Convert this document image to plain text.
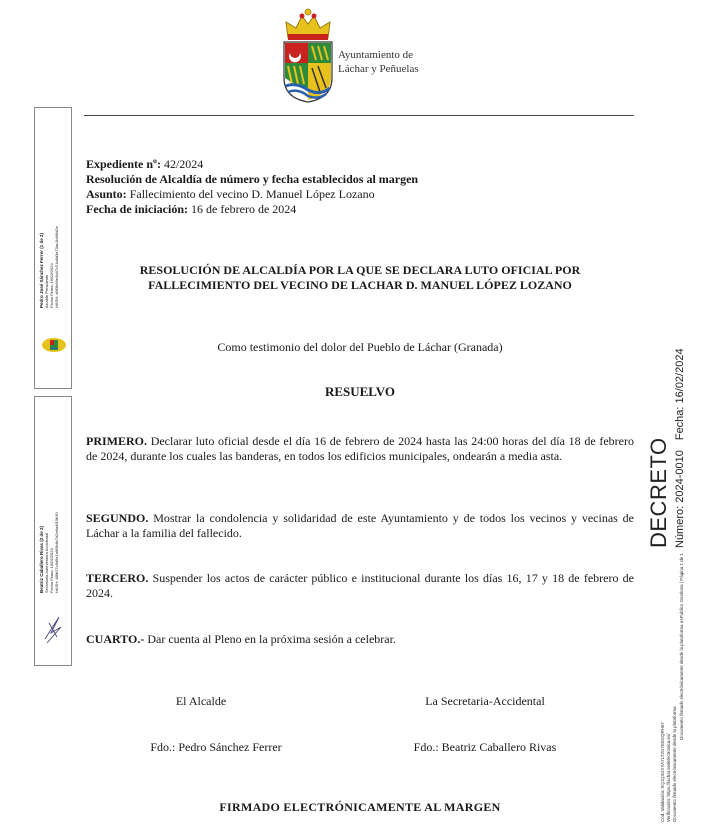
Ayuntamiento de
Láchar y Peñuelas
Pedro José Sánchez Ferrer (1 de 2)
Alcalde Presidente
Fecha Firma: 16/02/2024
HASH: a9f3b89e4d47c21a8d3e70ac1bf49d2e
Beatriz Caballero Rivas (2 de 2)
Secretaria-Interventora Accidental
Fecha Firma: 16/02/2024
HASH: 4f8b27c6d5e1a9f3b8c7d2e6a4f19b30
DECRETO Número: 2024-0010Fecha: 16/02/2024
Documento firmado electrónicamente desde la plataforma esPublico Gestiona | Página 1 de 1
Cód. Validación: 9QJQ3GXYA7LT2G7E5GQRH67
Verificación: https://lachar.sedelectronica.es/
Documento firmado electrónicamente desde la plataforma
Expediente nº: 42/2024
Resolución de Alcaldía de número y fecha establecidos al margen
Asunto: Fallecimiento del vecino D. Manuel López Lozano
Fecha de iniciación: 16 de febrero de 2024
RESOLUCIÓN DE ALCALDÍA POR LA QUE SE DECLARA LUTO OFICIAL POR
FALLECIMIENTO DEL VECINO DE LACHAR D. MANUEL LÓPEZ LOZANO
Como testimonio del dolor del Pueblo de Láchar (Granada)
RESUELVO
PRIMERO. Declarar luto oficial desde el día 16 de febrero de 2024 hasta las 24:00 horas del día 18 de febrero de 2024, durante los cuales las banderas, en todos los edificios municipales, ondearán a media asta.
SEGUNDO. Mostrar la condolencia y solidaridad de este Ayuntamiento y de todos los vecinos y vecinas de Láchar a la familia del fallecido.
TERCERO. Suspender los actos de carácter público e institucional durante los días 16, 17 y 18 de febrero de 2024.
CUARTO.- Dar cuenta al Pleno en la próxima sesión a celebrar.
El Alcalde	La Secretaria-Accidental
Fdo.: Pedro Sánchez Ferrer	Fdo.: Beatriz Caballero Rivas
FIRMADO ELECTRÓNICAMENTE AL MARGEN
